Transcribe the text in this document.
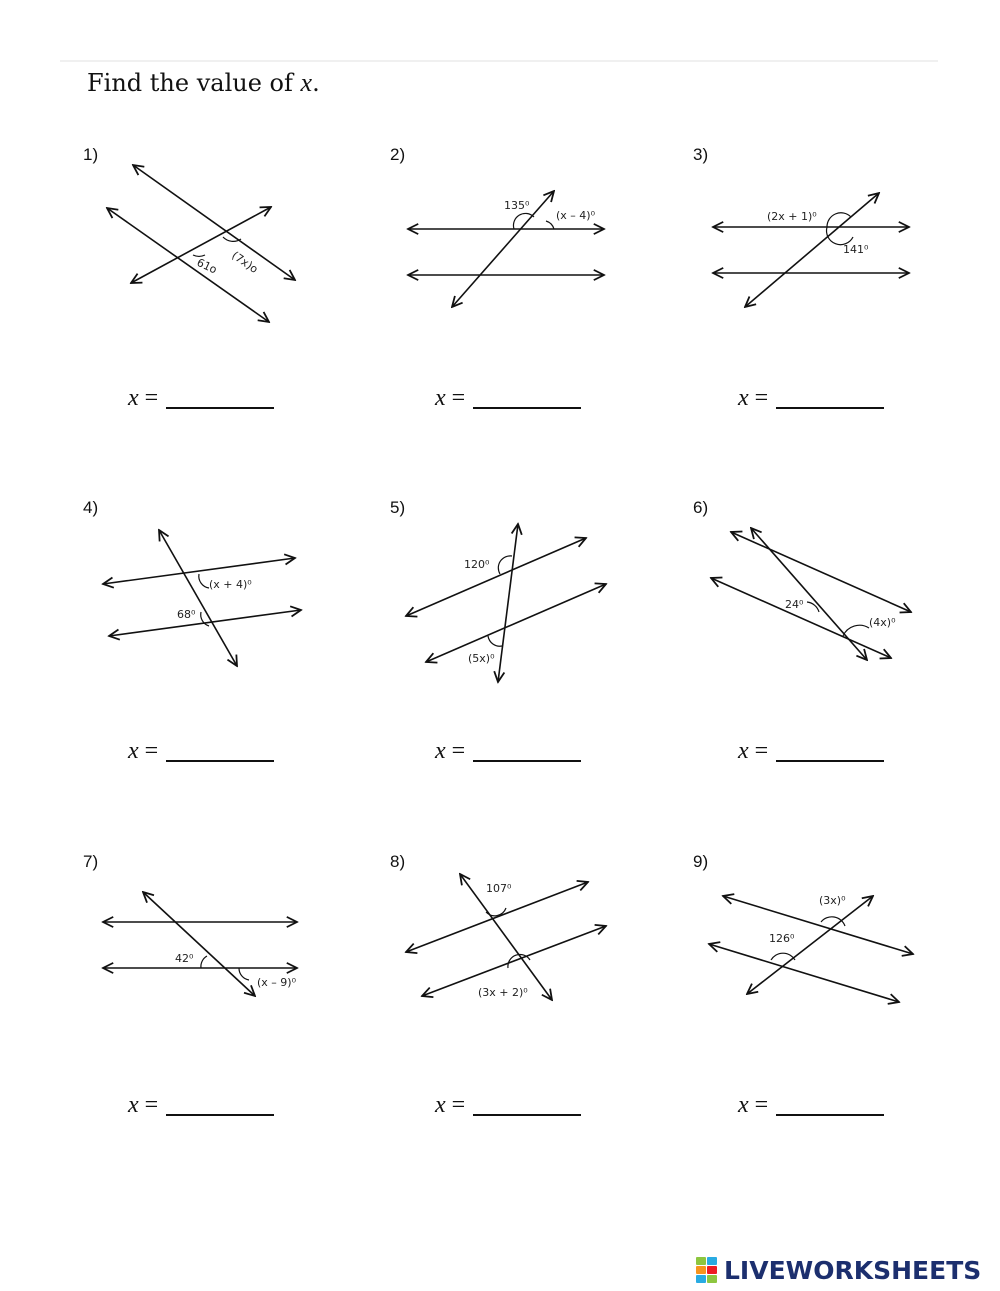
Find the value of x.
1)
61o (7x)o
x =
2)
135⁰
(x – 4)⁰
x =
3)
(2x + 1)⁰
141⁰
x =
4)
(x + 4)⁰
68⁰
x =
5)
120⁰
(5x)⁰
x =
6)
24⁰
(4x)⁰
x =
7)
42⁰
(x – 9)⁰
x =
8)
107⁰
(3x + 2)⁰
x =
9)
(3x)⁰
126⁰
x =
LIVEWORKSHEETS
